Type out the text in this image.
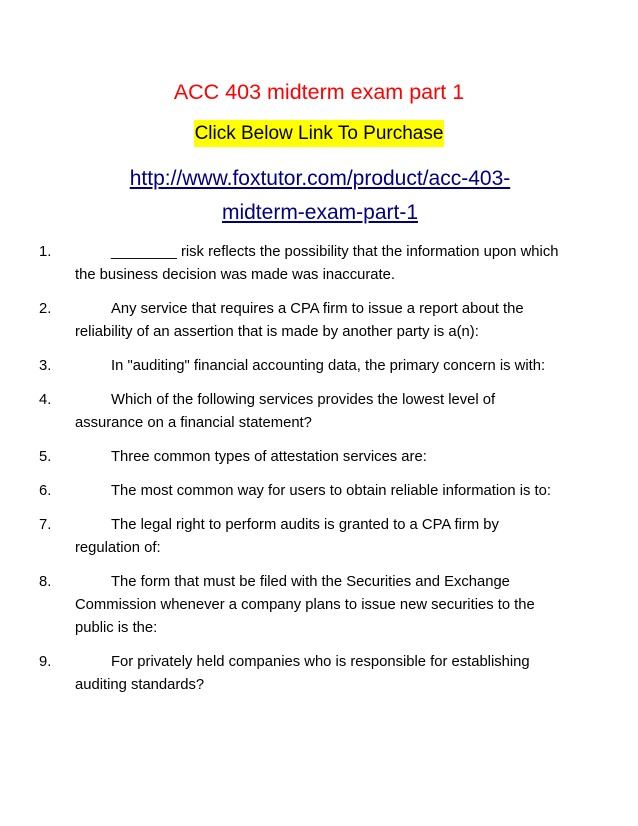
ACC 403 midterm exam part 1
Click Below Link To Purchase
http://www.foxtutor.com/product/acc-403-
midterm-exam-part-1

1.	________ risk reflects the possibility that the information upon which the business decision was made was inaccurate.

2.	Any service that requires a CPA firm to issue a report about the reliability of an assertion that is made by another party is a(n):

3.	In "auditing" financial accounting data, the primary concern is with:

4.	Which of the following services provides the lowest level of assurance on a financial statement?

5.	Three common types of attestation services are:

6.	The most common way for users to obtain reliable information is to:

7.	The legal right to perform audits is granted to a CPA firm by regulation of:

8.	The form that must be filed with the Securities and Exchange Commission whenever a company plans to issue new securities to the public is the:

9.	For privately held companies who is responsible for establishing auditing standards?
